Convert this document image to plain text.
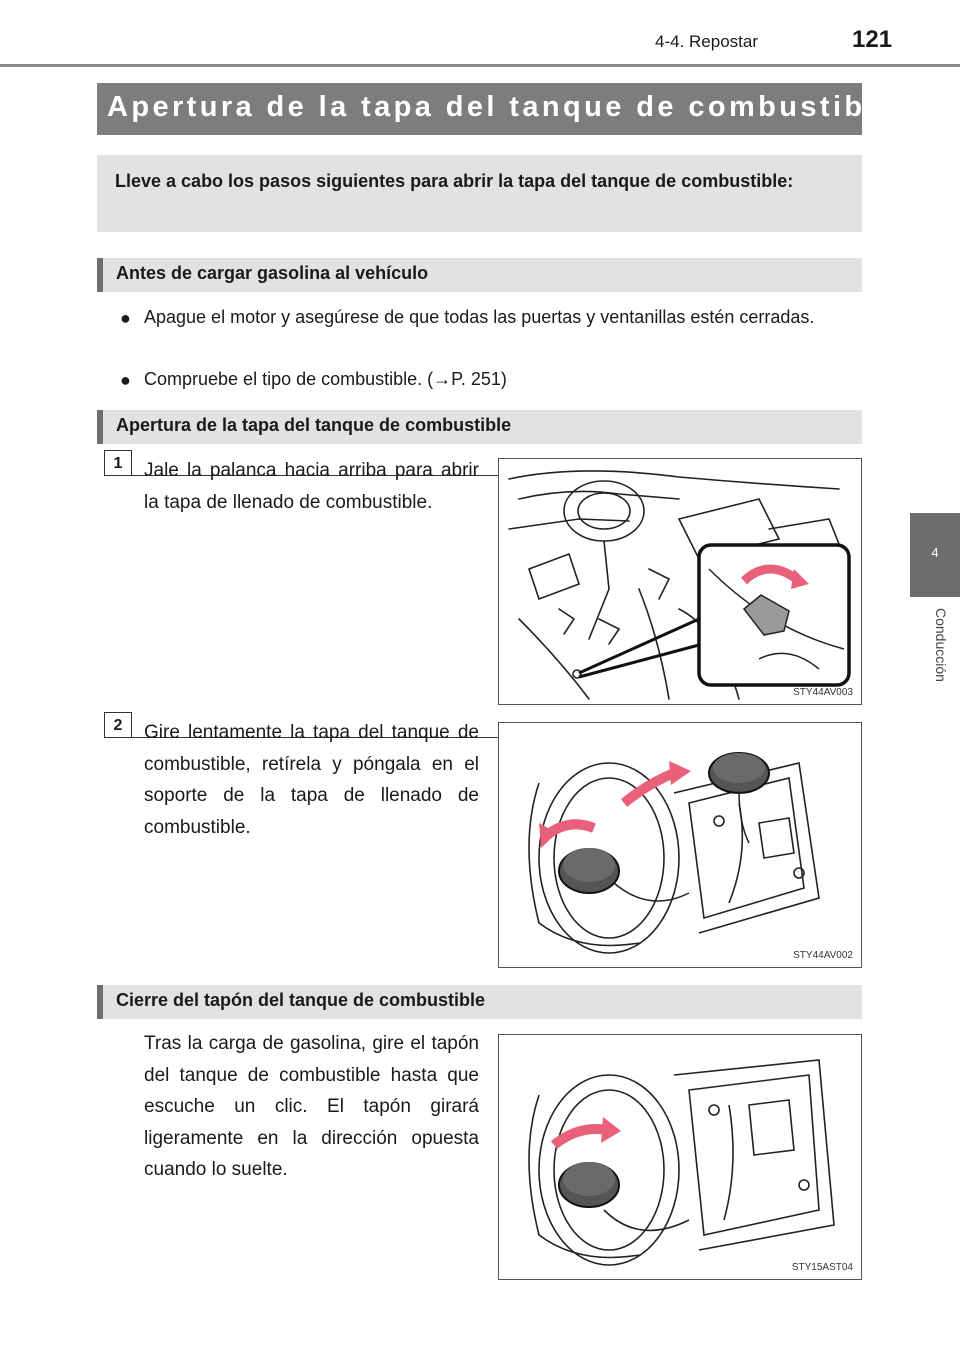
121
4-4. Repostar
4
Conducción
Apertura de la tapa del tanque de combustible
Lleve a cabo los pasos siguientes para abrir la tapa del tanque de combustible:
Antes de cargar gasolina al vehículo
● Apague el motor y asegúrese de que todas las puertas y ventanillas estén cerradas.
● Compruebe el tipo de combustible. (→P. 251)
Apertura de la tapa del tanque de combustible
1	Jale la palanca hacia arriba para abrir la tapa de llenado de combustible.
STY44AV003
2	Gire lentamente la tapa del tanque de combustible, retírela y póngala en el soporte de la tapa de llenado de combustible.
STY44AV002
Cierre del tapón del tanque de combustible
Tras la carga de gasolina, gire el tapón del tanque de combustible hasta que escuche un clic. El tapón girará ligeramente en la dirección opuesta cuando lo suelte.
STY15AST04
